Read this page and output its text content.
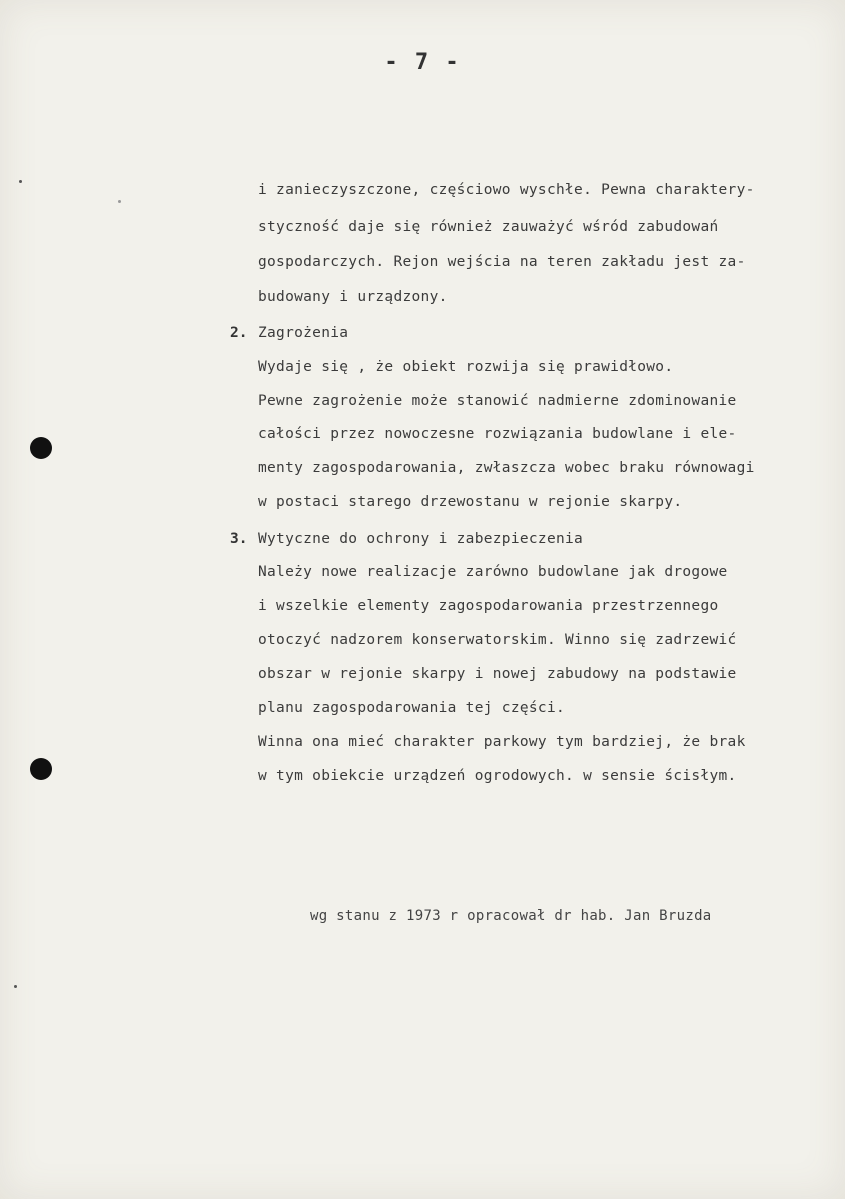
- 7 -
i zanieczyszczone, częściowo wyschłe. Pewna charaktery-
styczność daje się również zauważyć wśród zabudowań
gospodarczych. Rejon wejścia na teren zakładu jest za-
budowany i urządzony.
2. Zagrożenia
Wydaje się , że obiekt rozwija się prawidłowo.
Pewne zagrożenie może stanowić nadmierne zdominowanie
całości przez nowoczesne rozwiązania budowlane i ele-
menty zagospodarowania, zwłaszcza wobec braku równowagi
w postaci starego drzewostanu w rejonie skarpy.
3. Wytyczne do ochrony i zabezpieczenia
Należy nowe realizacje zarówno budowlane jak drogowe
i wszelkie elementy zagospodarowania przestrzennego
otoczyć nadzorem konserwatorskim. Winno się zadrzewić
obszar w rejonie skarpy i nowej zabudowy na podstawie
planu zagospodarowania tej części.
Winna ona mieć charakter parkowy tym bardziej, że brak
w tym obiekcie urządzeń ogrodowych. w sensie ścisłym.
wg stanu z 1973 r opracował dr hab. Jan Bruzda
